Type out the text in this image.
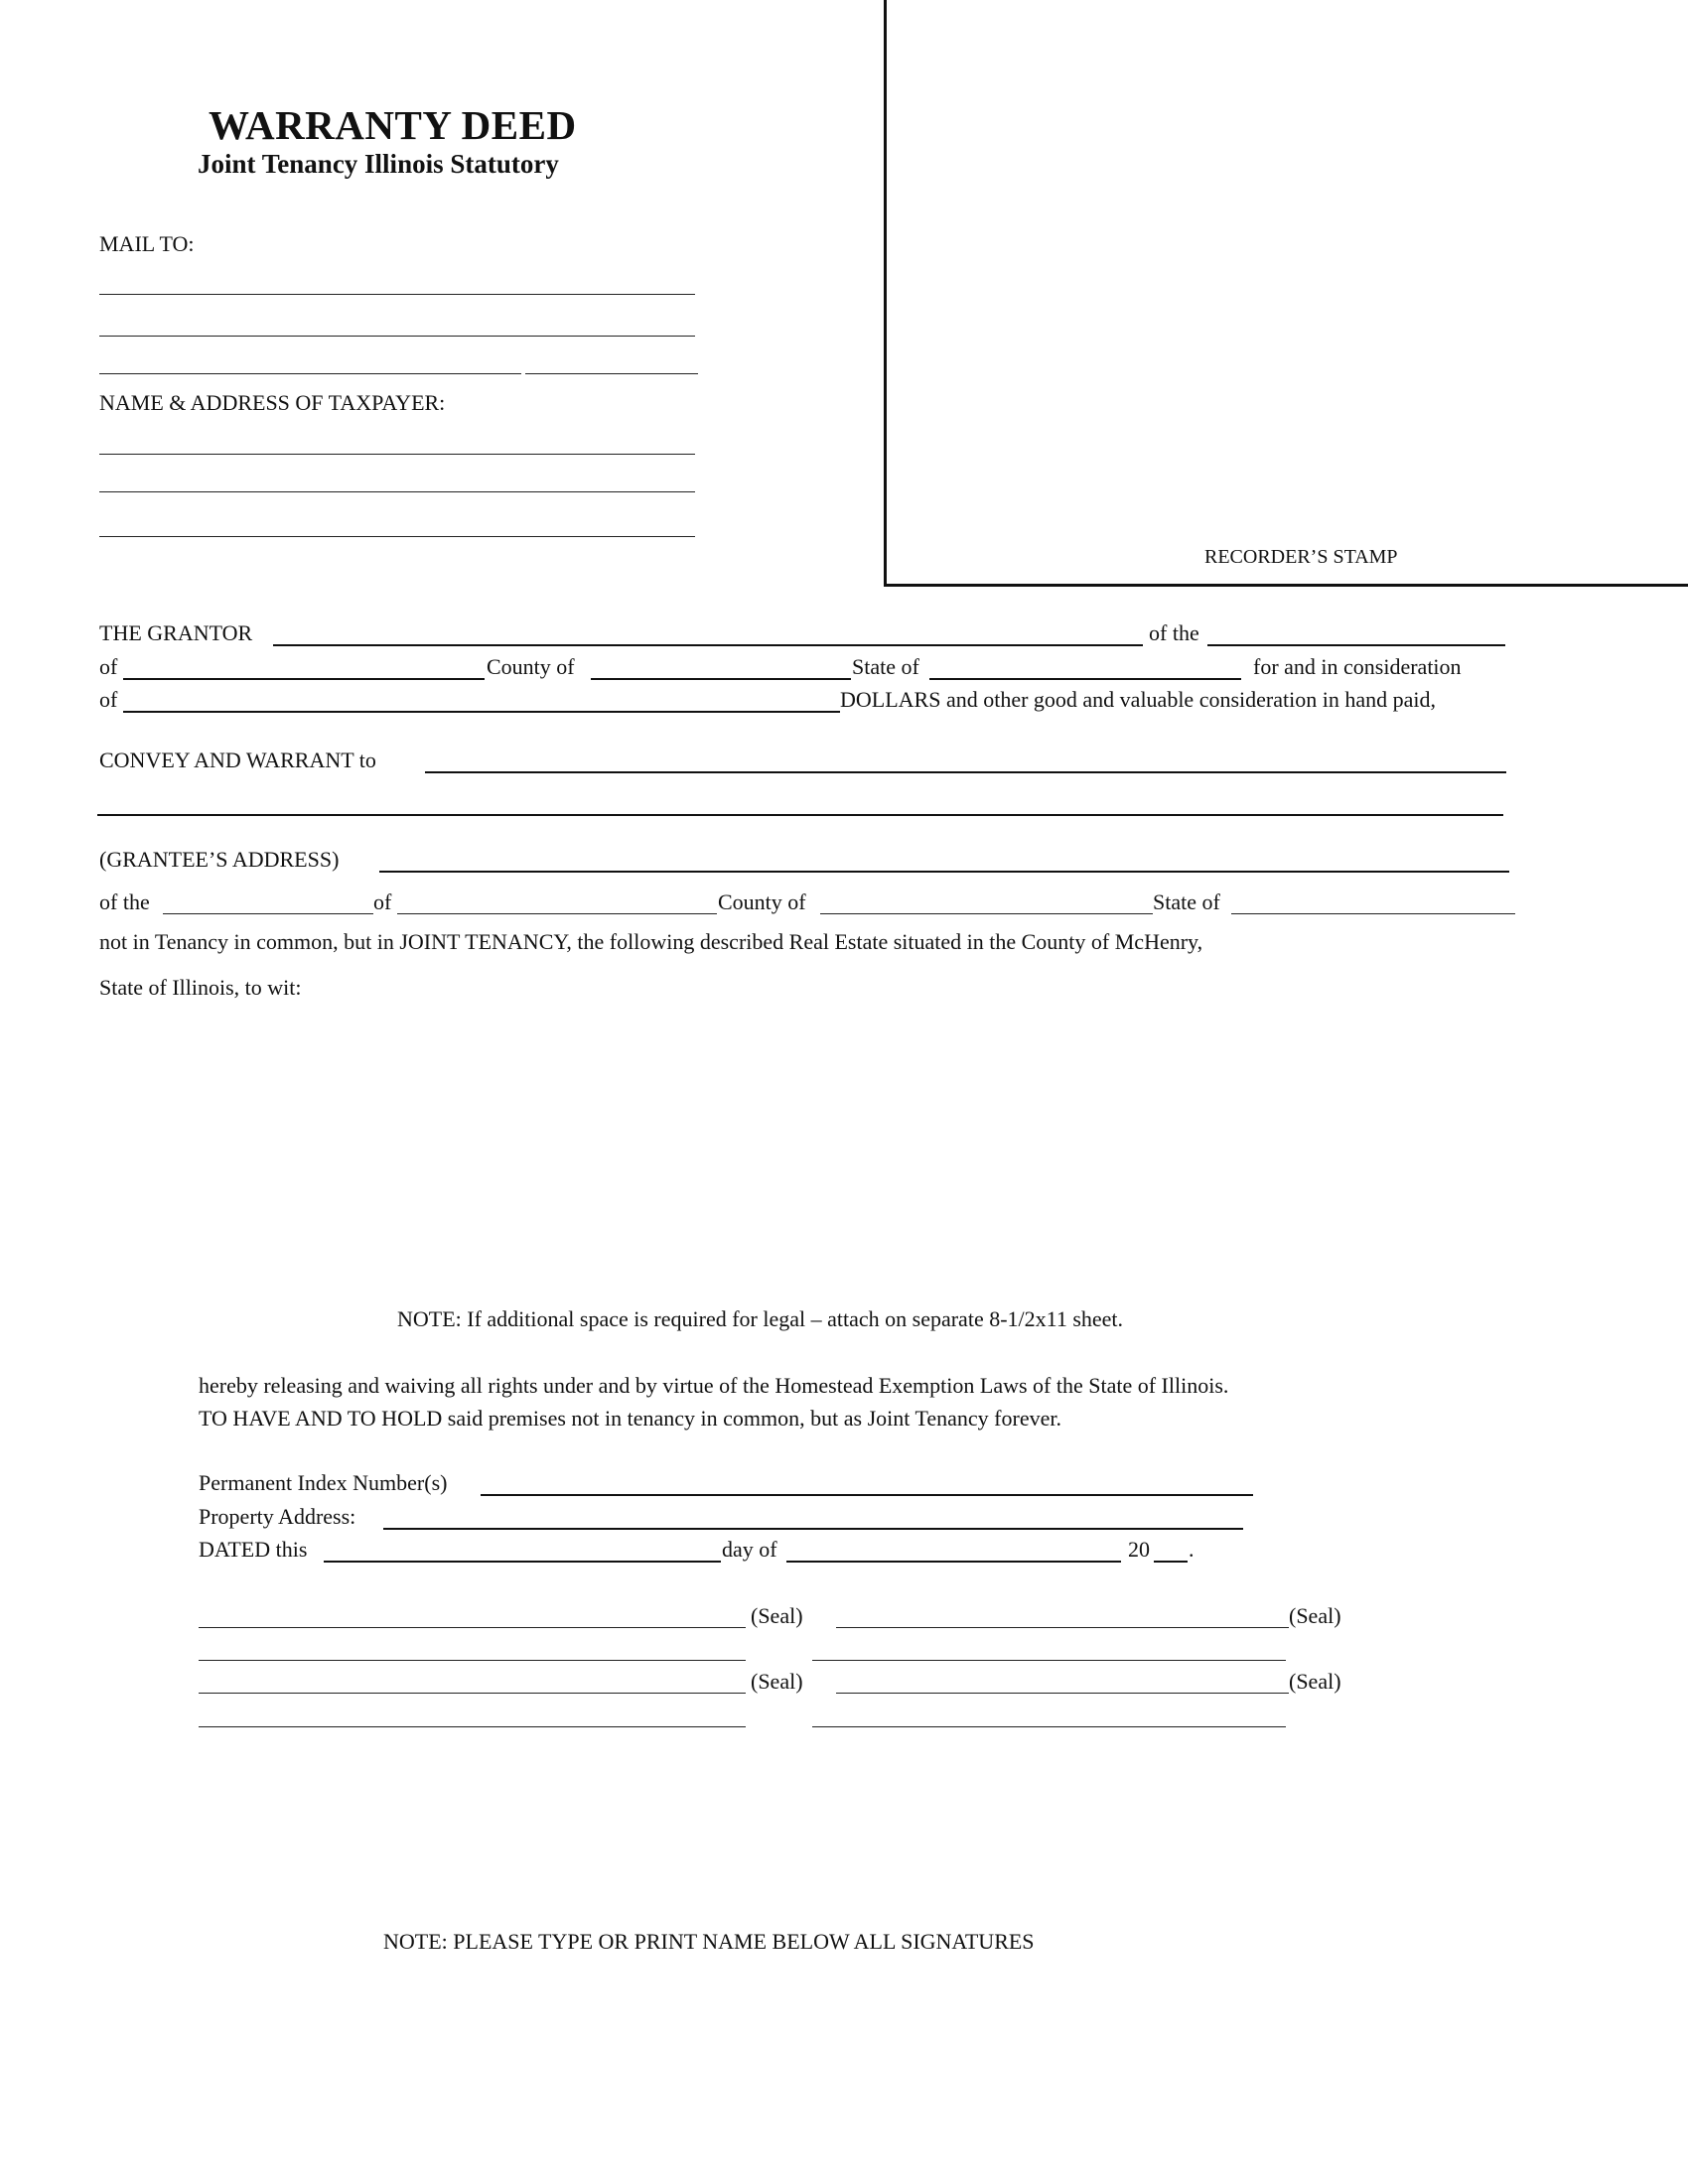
RECORDER’S STAMP
WARRANTY DEED
Joint Tenancy Illinois Statutory
MAIL TO:
NAME & ADDRESS OF TAXPAYER:
THE GRANTOR	of the
of	County of	State of	for and in consideration
of	DOLLARS and other good and valuable consideration in hand paid,
CONVEY AND WARRANT to
(GRANTEE’S ADDRESS)
of the	of	County of	State of
not in Tenancy in common, but in JOINT TENANCY, the following described Real Estate situated in the County of McHenry,
State of Illinois, to wit:
NOTE: If additional space is required for legal – attach on separate 8-1/2x11 sheet.
hereby releasing and waiving all rights under and by virtue of the Homestead Exemption Laws of the State of Illinois.
TO HAVE AND TO HOLD said premises not in tenancy in common, but as Joint Tenancy forever.
Permanent Index Number(s)
Property Address:
DATED this	day of	20 .
(Seal)	(Seal)
(Seal)	(Seal)
NOTE: PLEASE TYPE OR PRINT NAME BELOW ALL SIGNATURES
